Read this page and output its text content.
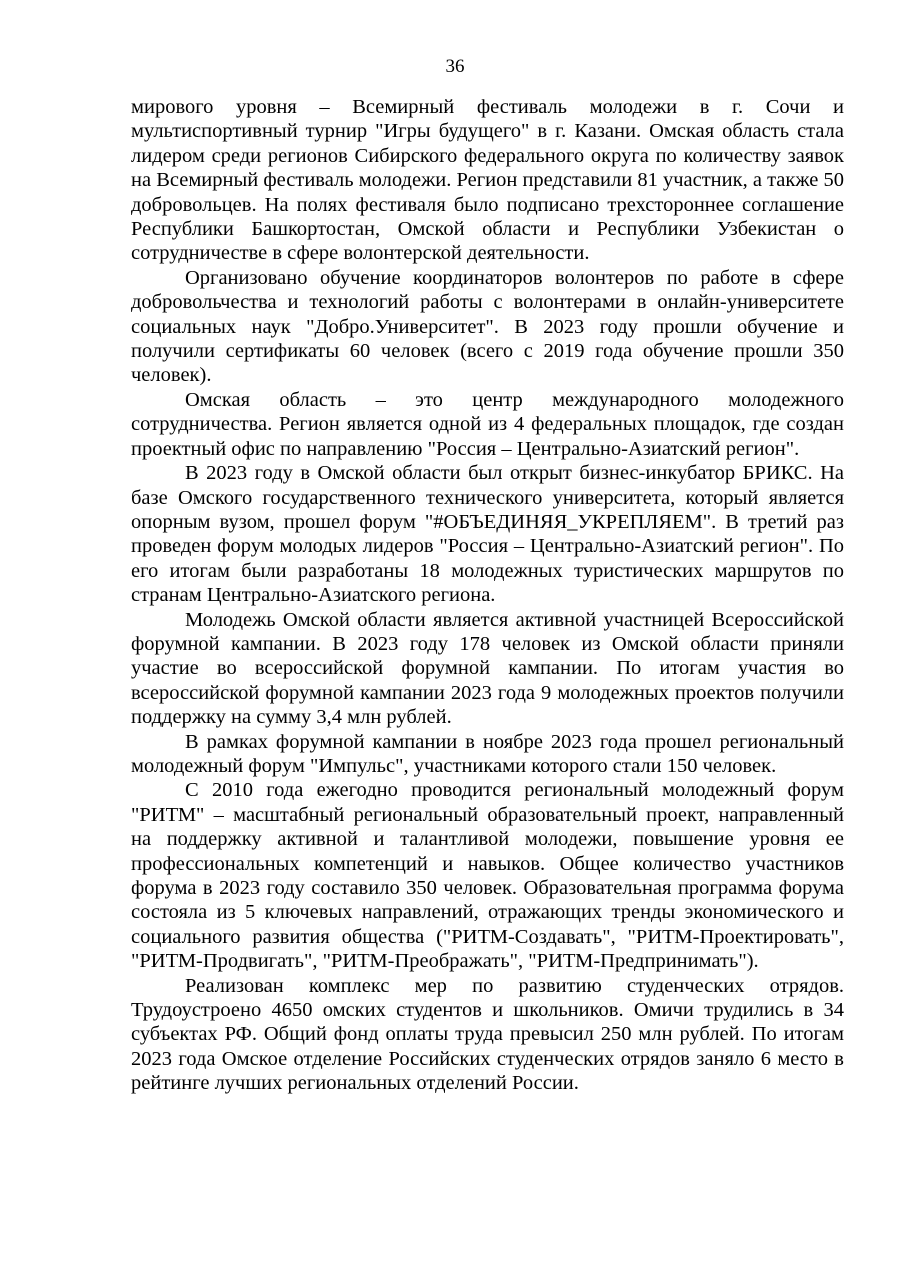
36

мирового уровня – Всемирный фестиваль молодежи в г. Сочи и мультиспортивный турнир "Игры будущего" в г. Казани. Омская область стала лидером среди регионов Сибирского федерального округа по количеству заявок на Всемирный фестиваль молодежи. Регион представили 81 участник, а также 50 добровольцев. На полях фестиваля было подписано трехстороннее соглашение Республики Башкортостан, Омской области и Республики Узбекистан о сотрудничестве в сфере волонтерской деятельности.

Организовано обучение координаторов волонтеров по работе в сфере добровольчества и технологий работы с волонтерами в онлайн-университете социальных наук "Добро.Университет". В 2023 году прошли обучение и получили сертификаты 60 человек (всего с 2019 года обучение прошли 350 человек).

Омская область – это центр международного молодежного сотрудничества. Регион является одной из 4 федеральных площадок, где создан проектный офис по направлению "Россия – Центрально-Азиатский регион".

В 2023 году в Омской области был открыт бизнес-инкубатор БРИКС. На базе Омского государственного технического университета, который является опорным вузом, прошел форум "#ОБЪЕДИНЯЯ_УКРЕПЛЯЕМ". В третий раз проведен форум молодых лидеров "Россия – Центрально-Азиатский регион". По его итогам были разработаны 18 молодежных туристических маршрутов по странам Центрально-Азиатского региона.

Молодежь Омской области является активной участницей Всероссийской форумной кампании. В 2023 году 178 человек из Омской области приняли участие во всероссийской форумной кампании. По итогам участия во всероссийской форумной кампании 2023 года 9 молодежных проектов получили поддержку на сумму 3,4 млн рублей.

В рамках форумной кампании в ноябре 2023 года прошел региональный молодежный форум "Импульс", участниками которого стали 150 человек.

С 2010 года ежегодно проводится региональный молодежный форум "РИТМ" – масштабный региональный образовательный проект, направленный на поддержку активной и талантливой молодежи, повышение уровня ее профессиональных компетенций и навыков. Общее количество участников форума в 2023 году составило 350 человек. Образовательная программа форума состояла из 5 ключевых направлений, отражающих тренды экономического и социального развития общества ("РИТМ-Создавать", "РИТМ-Проектировать", "РИТМ-Продвигать", "РИТМ-Преображать", "РИТМ-Предпринимать").

Реализован комплекс мер по развитию студенческих отрядов. Трудоустроено 4650 омских студентов и школьников. Омичи трудились в 34 субъектах РФ. Общий фонд оплаты труда превысил 250 млн рублей. По итогам 2023 года Омское отделение Российских студенческих отрядов заняло 6 место в рейтинге лучших региональных отделений России.
